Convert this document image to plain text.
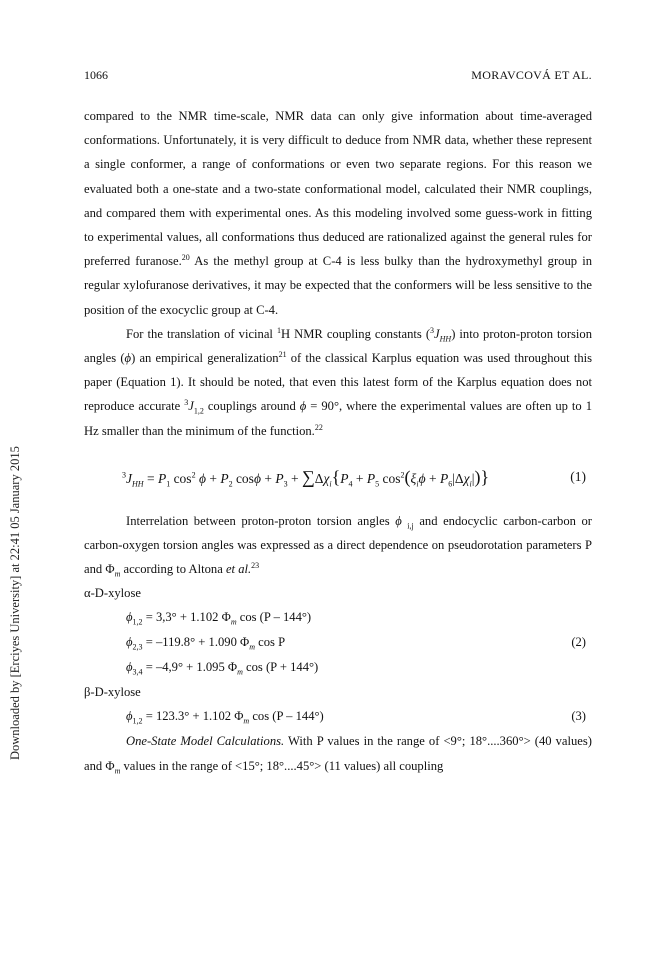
1066	MORAVCOVÁ ET AL.
Downloaded by [Erciyes University] at 22:41 05 January 2015

compared to the NMR time-scale, NMR data can only give information about time-averaged conformations. Unfortunately, it is very difficult to deduce from NMR data, whether these represent a single conformer, a range of conformations or even two separate regions. For this reason we evaluated both a one-state and a two-state conformational model, calculated their NMR couplings, and compared them with experimental ones. As this modeling involved some guess-work in fitting to experimental values, all conformations thus deduced are rationalized against the general rules for preferred furanose.$^{20}$ As the methyl group at C-4 is less bulky than the hydroxymethyl group in regular xylofuranose derivatives, it may be expected that the conformers will be less sensitive to the position of the exocyclic group at C-4.

For the translation of vicinal $^1$H NMR coupling constants $(^3J_{HH})$ into proton-proton torsion angles (ϕ) an empirical generalization$^{21}$ of the classical Karplus equation was used throughout this paper (Equation 1). It should be noted, that even this latest form of the Karplus equation does not reproduce accurate $^3J_{1,2}$ couplings around ϕ = 90°, where the experimental values are often up to 1 Hz smaller than the minimum of the function.$^{22}$

$^3J_{HH} = P_1$ $\cos^2 \phi + P_2$ $\cos\phi + P_3 + \sum\Delta\chi_i\{P_4 + P_5$ $\cos^2(\xi_i\phi + P_6|\Delta\chi_i|)$}	(1)

Interrelation between proton-proton torsion angles ϕ $_{i,j}$ and endocyclic carbon-carbon or carbon-oxygen torsion angles was expressed as a direct dependence on pseudorotation parameters P and $\Phi_m$ according to Altona et al.$^{23}$

α-D-xylose
$\phi_{1,2} = 3,3^\circ + 1.102$ $\Phi_m$ cos (P – 144°)
$\phi_{2,3} = -119.8^\circ + 1.090$ $\Phi_m$ cos P	(2)
$\phi_{3,4} = -4,9^\circ + 1.095$ $\Phi_m$ cos (P + 144°)
β-D-xylose
$\phi_{1,2} = 123.3^\circ + 1.102$ $\Phi_m$ cos (P – 144°)	(3)

One-State Model Calculations. With P values in the range of <9°; 18°....360°> (40 values) and $\Phi_m$ values in the range of <15°; 18°....45°> (11 values) all coupling
